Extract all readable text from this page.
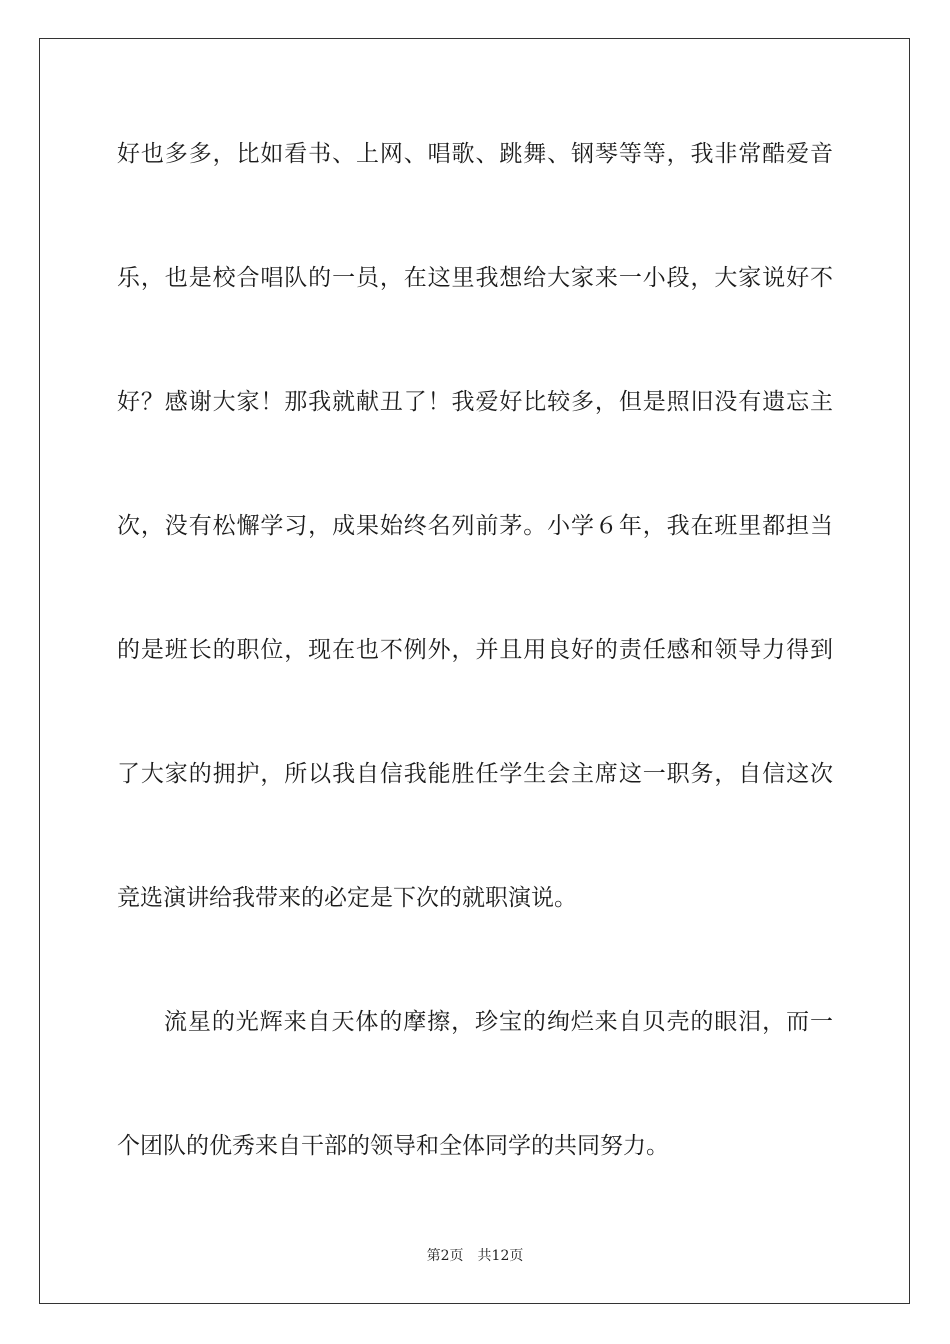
好也多多，比如看书、上网、唱歌、跳舞、钢琴等等，我非常酷爱音
乐，也是校合唱队的一员，在这里我想给大家来一小段，大家说好不
好？感谢大家！那我就献丑了！我爱好比较多，但是照旧没有遗忘主
次，没有松懈学习，成果始终名列前茅。小学６年，我在班里都担当
的是班长的职位，现在也不例外，并且用良好的责任感和领导力得到
了大家的拥护，所以我自信我能胜任学生会主席这一职务，自信这次
竞选演讲给我带来的必定是下次的就职演说。
流星的光辉来自天体的摩擦，珍宝的绚烂来自贝壳的眼泪，而一
个团队的优秀来自干部的领导和全体同学的共同努力。
第2页 共12页
